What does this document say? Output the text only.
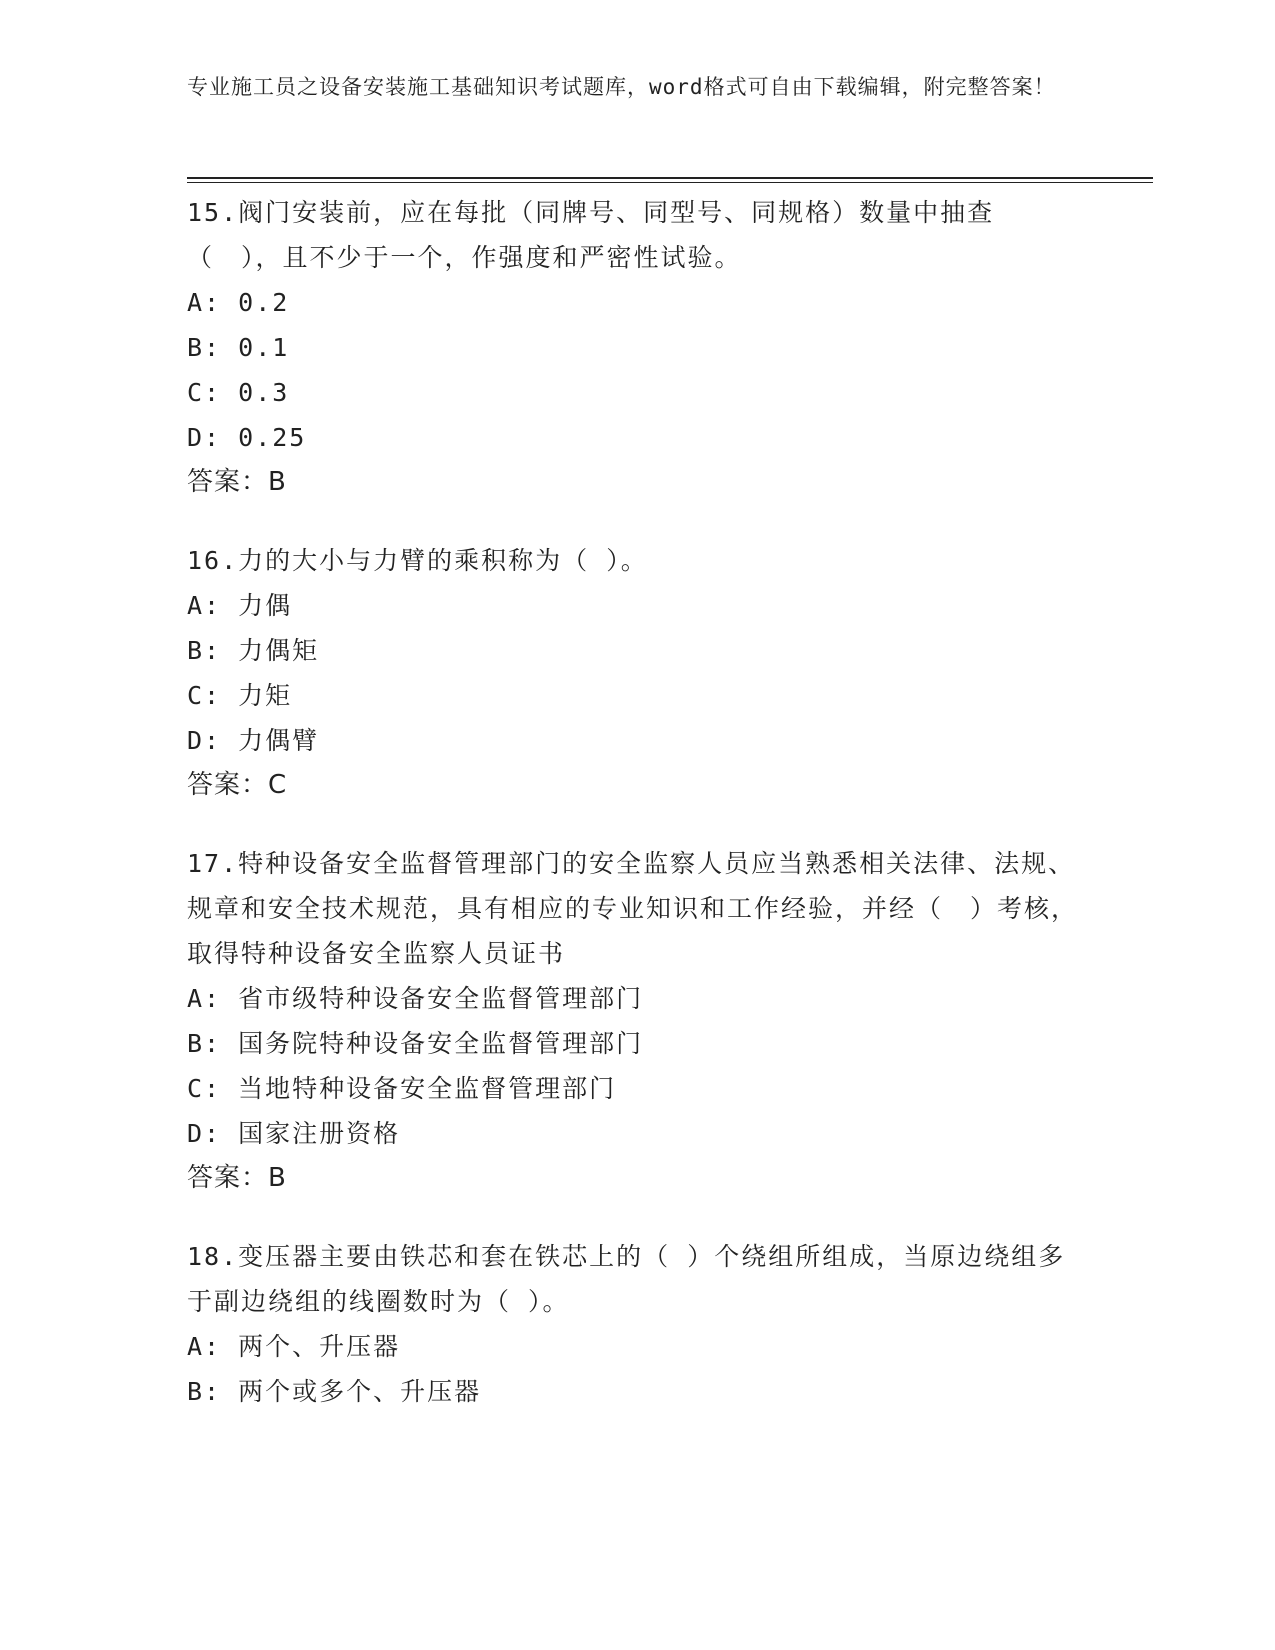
专业施工员之设备安装施工基础知识考试题库，word格式可自由下载编辑，附完整答案！
15.阀门安装前，应在每批（同牌号、同型号、同规格）数量中抽查（　），且不少于一个，作强度和严密性试验。
A: 0.2
B: 0.1
C: 0.3
D: 0.25
答案：B
16.力的大小与力臂的乘积称为（ ）。
A: 力偶
B: 力偶矩
C: 力矩
D: 力偶臂
答案：C
17.特种设备安全监督管理部门的安全监察人员应当熟悉相关法律、法规、规章和安全技术规范，具有相应的专业知识和工作经验，并经（　）考核，取得特种设备安全监察人员证书
A: 省市级特种设备安全监督管理部门
B: 国务院特种设备安全监督管理部门
C: 当地特种设备安全监督管理部门
D: 国家注册资格
答案：B
18.变压器主要由铁芯和套在铁芯上的（ ）个绕组所组成，当原边绕组多于副边绕组的线圈数时为（ ）。
A: 两个、升压器
B: 两个或多个、升压器
